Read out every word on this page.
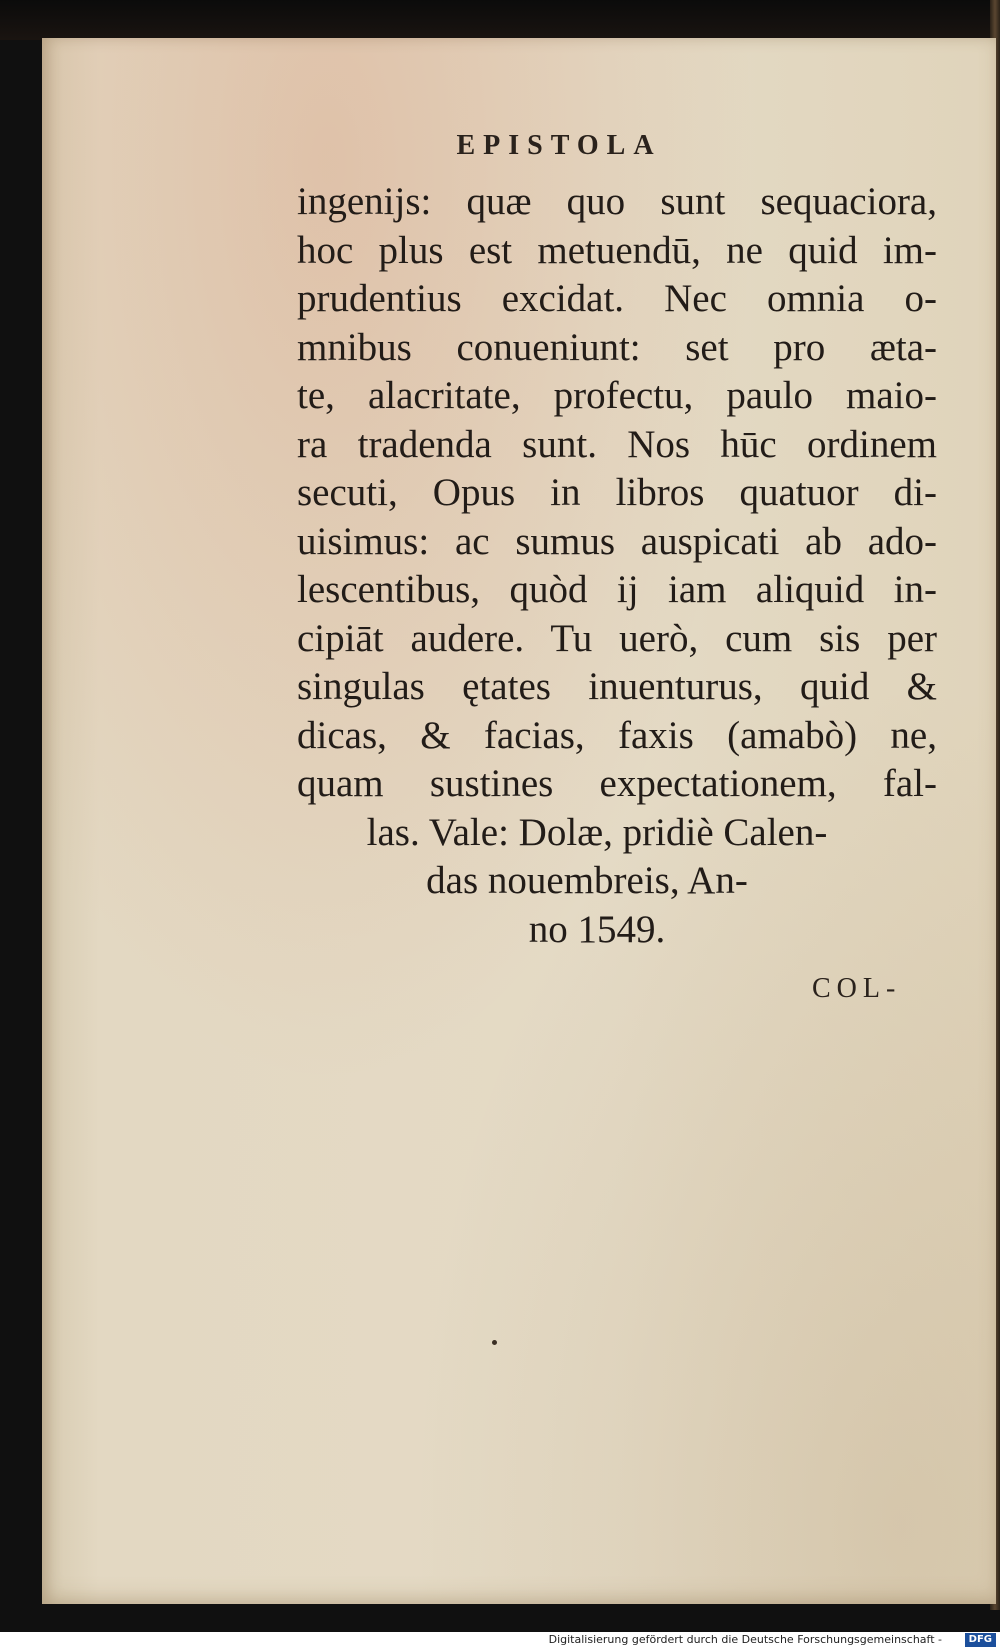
EPISTOLA
ingenijs: quæ quo sunt sequaciora,
hoc plus est metuendū, ne quid im-
prudentius excidat. Nec omnia o-
mnibus conueniunt: set pro æta-
te, alacritate, profectu, paulo maio-
ra tradenda sunt. Nos hūc ordinem
secuti, Opus in libros quatuor di-
uisimus: ac sumus auspicati ab ado-
lescentibus, quòd ij iam aliquid in-
cipiāt audere. Tu uerò, cum sis per
singulas ętates inuenturus, quid &
dicas, & facias, faxis (amabò) ne,
quam sustines expectationem, fal-
las. Vale: Dolæ, pridiè Calen-
das nouembreis, An-
no 1549.
COL-
Digitalisierung gefördert durch die Deutsche Forschungsgemeinschaft -	DFG
